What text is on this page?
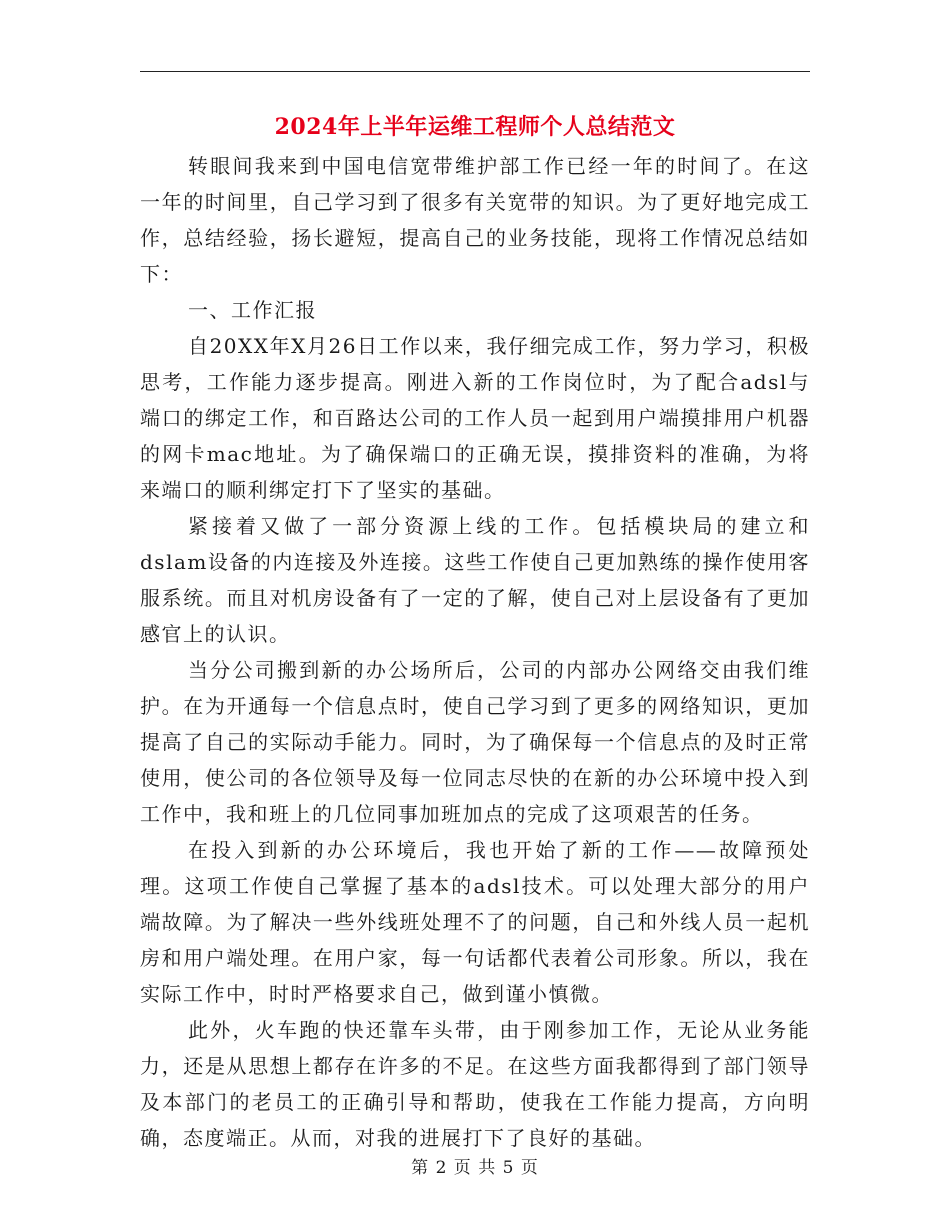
2024年上半年运维工程师个人总结范文

转眼间我来到中国电信宽带维护部工作已经一年的时间了。在这一年的时间里，自己学习到了很多有关宽带的知识。为了更好地完成工作，总结经验，扬长避短，提高自己的业务技能，现将工作情况总结如下：

一、工作汇报

自20XX年X月26日工作以来，我仔细完成工作，努力学习，积极思考，工作能力逐步提高。刚进入新的工作岗位时，为了配合adsl与端口的绑定工作，和百路达公司的工作人员一起到用户端摸排用户机器的网卡mac地址。为了确保端口的正确无误，摸排资料的准确，为将来端口的顺利绑定打下了坚实的基础。

紧接着又做了一部分资源上线的工作。包括模块局的建立和dslam设备的内连接及外连接。这些工作使自己更加熟练的操作使用客服系统。而且对机房设备有了一定的了解，使自己对上层设备有了更加感官上的认识。

当分公司搬到新的办公场所后，公司的内部办公网络交由我们维护。在为开通每一个信息点时，使自己学习到了更多的网络知识，更加提高了自己的实际动手能力。同时，为了确保每一个信息点的及时正常使用，使公司的各位领导及每一位同志尽快的在新的办公环境中投入到工作中，我和班上的几位同事加班加点的完成了这项艰苦的任务。

在投入到新的办公环境后，我也开始了新的工作——故障预处理。这项工作使自己掌握了基本的adsl技术。可以处理大部分的用户端故障。为了解决一些外线班处理不了的问题，自己和外线人员一起机房和用户端处理。在用户家，每一句话都代表着公司形象。所以，我在实际工作中，时时严格要求自己，做到谨小慎微。

此外，火车跑的快还靠车头带，由于刚参加工作，无论从业务能力，还是从思想上都存在许多的不足。在这些方面我都得到了部门领导及本部门的老员工的正确引导和帮助，使我在工作能力提高，方向明确，态度端正。从而，对我的进展打下了良好的基础。

第 2 页 共 5 页
